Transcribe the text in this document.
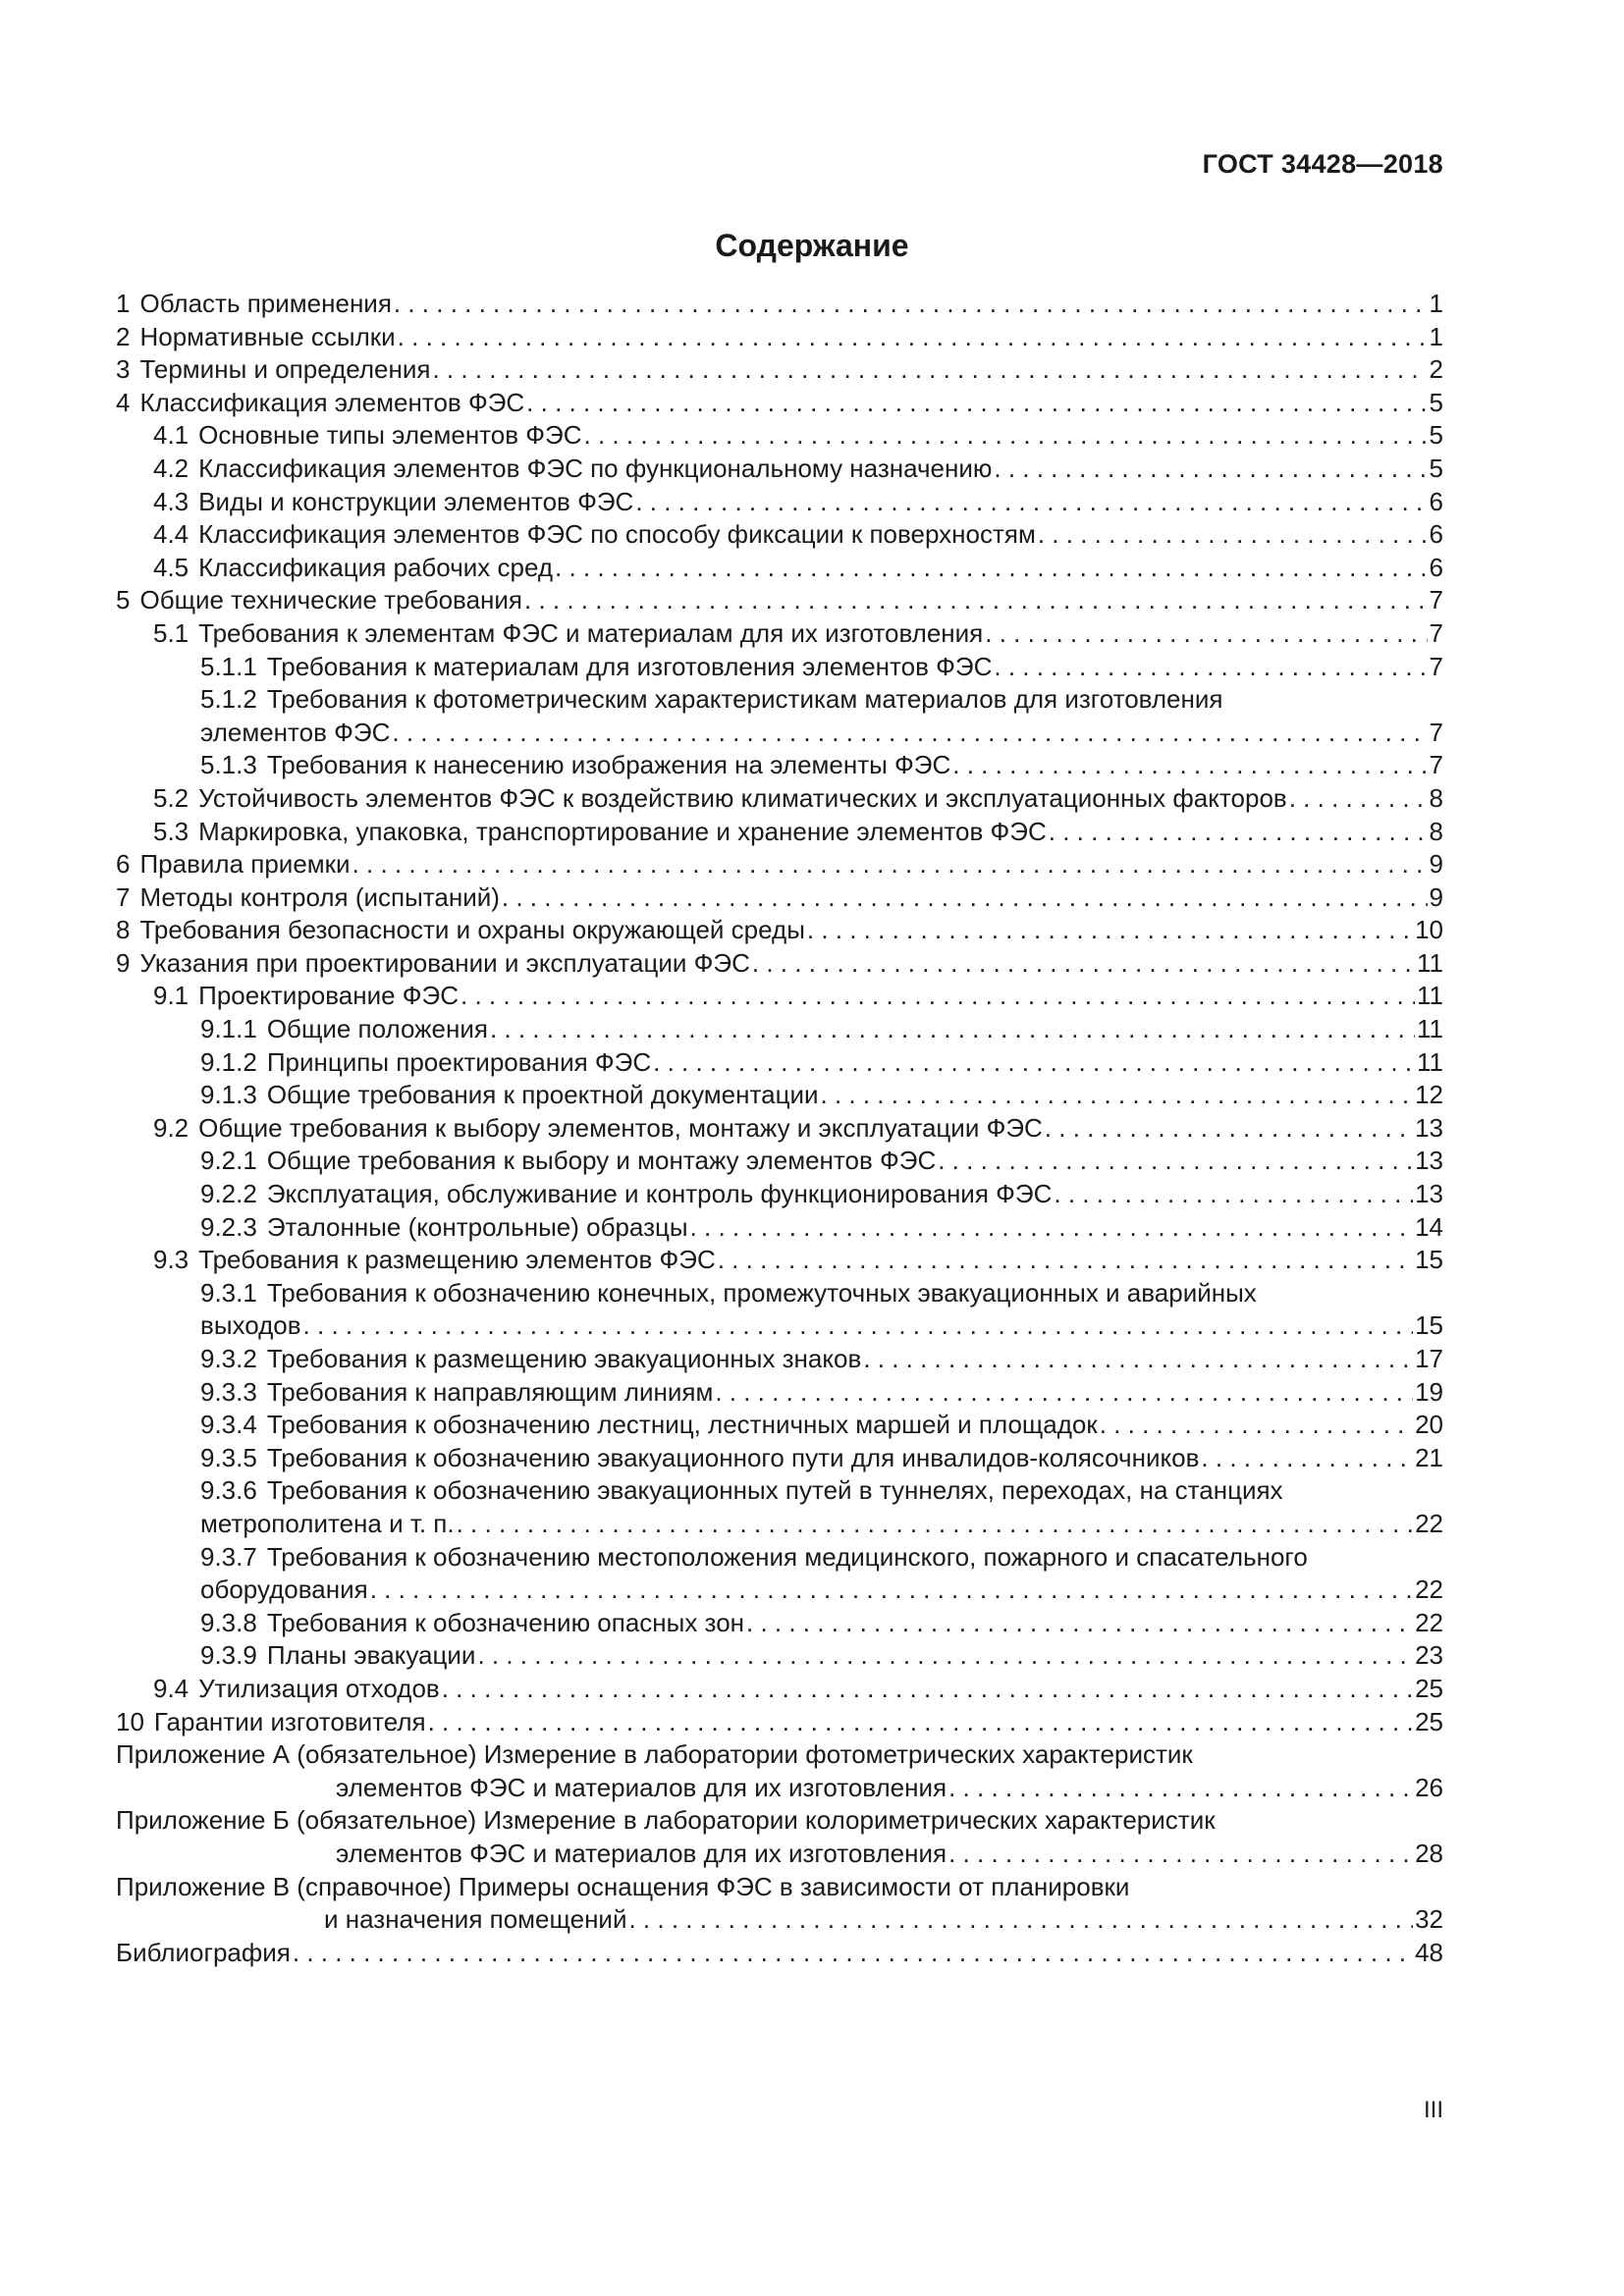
ГОСТ 34428—2018
Содержание
1 Область применения . . .	1
2 Нормативные ссылки . . .	1
3 Термины и определения . . .	2
4 Классификация элементов ФЭС . . .	5
4.1 Основные типы элементов ФЭС . . .	5
4.2 Классификация элементов ФЭС по функциональному назначению . . .	5
4.3 Виды и конструкции элементов ФЭС . . .	6
4.4 Классификация элементов ФЭС по способу фиксации к поверхностям . . .	6
4.5 Классификация рабочих сред . . .	6
5 Общие технические требования . . .	7
5.1 Требования к элементам ФЭС и материалам для их изготовления . . .	7
5.1.1 Требования к материалам для изготовления элементов ФЭС . . .	7
5.1.2 Требования к фотометрическим характеристикам материалов для изготовления
элементов ФЭС . . .	7
5.1.3 Требования к нанесению изображения на элементы ФЭС . . .	7
5.2 Устойчивость элементов ФЭС к воздействию климатических и эксплуатационных факторов . . .	8
5.3 Маркировка, упаковка, транспортирование и хранение элементов ФЭС . . .	8
6 Правила приемки . . .	9
7 Методы контроля (испытаний) . . .	9
8 Требования безопасности и охраны окружающей среды . . .	10
9 Указания при проектировании и эксплуатации ФЭС . . .	11
9.1 Проектирование ФЭС . . .	11
9.1.1 Общие положения . . .	11
9.1.2 Принципы проектирования ФЭС . . .	11
9.1.3 Общие требования к проектной документации . . .	12
9.2 Общие требования к выбору элементов, монтажу и эксплуатации ФЭС . . .	13
9.2.1 Общие требования к выбору и монтажу элементов ФЭС . . .	13
9.2.2 Эксплуатация, обслуживание и контроль функционирования ФЭС . . .	13
9.2.3 Эталонные (контрольные) образцы . . .	14
9.3 Требования к размещению элементов ФЭС . . .	15
9.3.1 Требования к обозначению конечных, промежуточных эвакуационных и аварийных
выходов . . .	15
9.3.2 Требования к размещению эвакуационных знаков . . .	17
9.3.3 Требования к направляющим линиям . . .	19
9.3.4 Требования к обозначению лестниц, лестничных маршей и площадок . . .	20
9.3.5 Требования к обозначению эвакуационного пути для инвалидов-колясочников . . .	21
9.3.6 Требования к обозначению эвакуационных путей в туннелях, переходах, на станциях
метрополитена и т. п. . . .	22
9.3.7 Требования к обозначению местоположения медицинского, пожарного и спасательного
оборудования . . .	22
9.3.8 Требования к обозначению опасных зон . . .	22
9.3.9 Планы эвакуации . . .	23
9.4 Утилизация отходов . . .	25
10 Гарантии изготовителя . . .	25
Приложение А (обязательное) Измерение в лаборатории фотометрических характеристик
элементов ФЭС и материалов для их изготовления . . .	26
Приложение Б (обязательное) Измерение в лаборатории колориметрических характеристик
элементов ФЭС и материалов для их изготовления . . .	28
Приложение В (справочное) Примеры оснащения ФЭС в зависимости от планировки
и назначения помещений . . .	32
Библиография . . .	48
III
